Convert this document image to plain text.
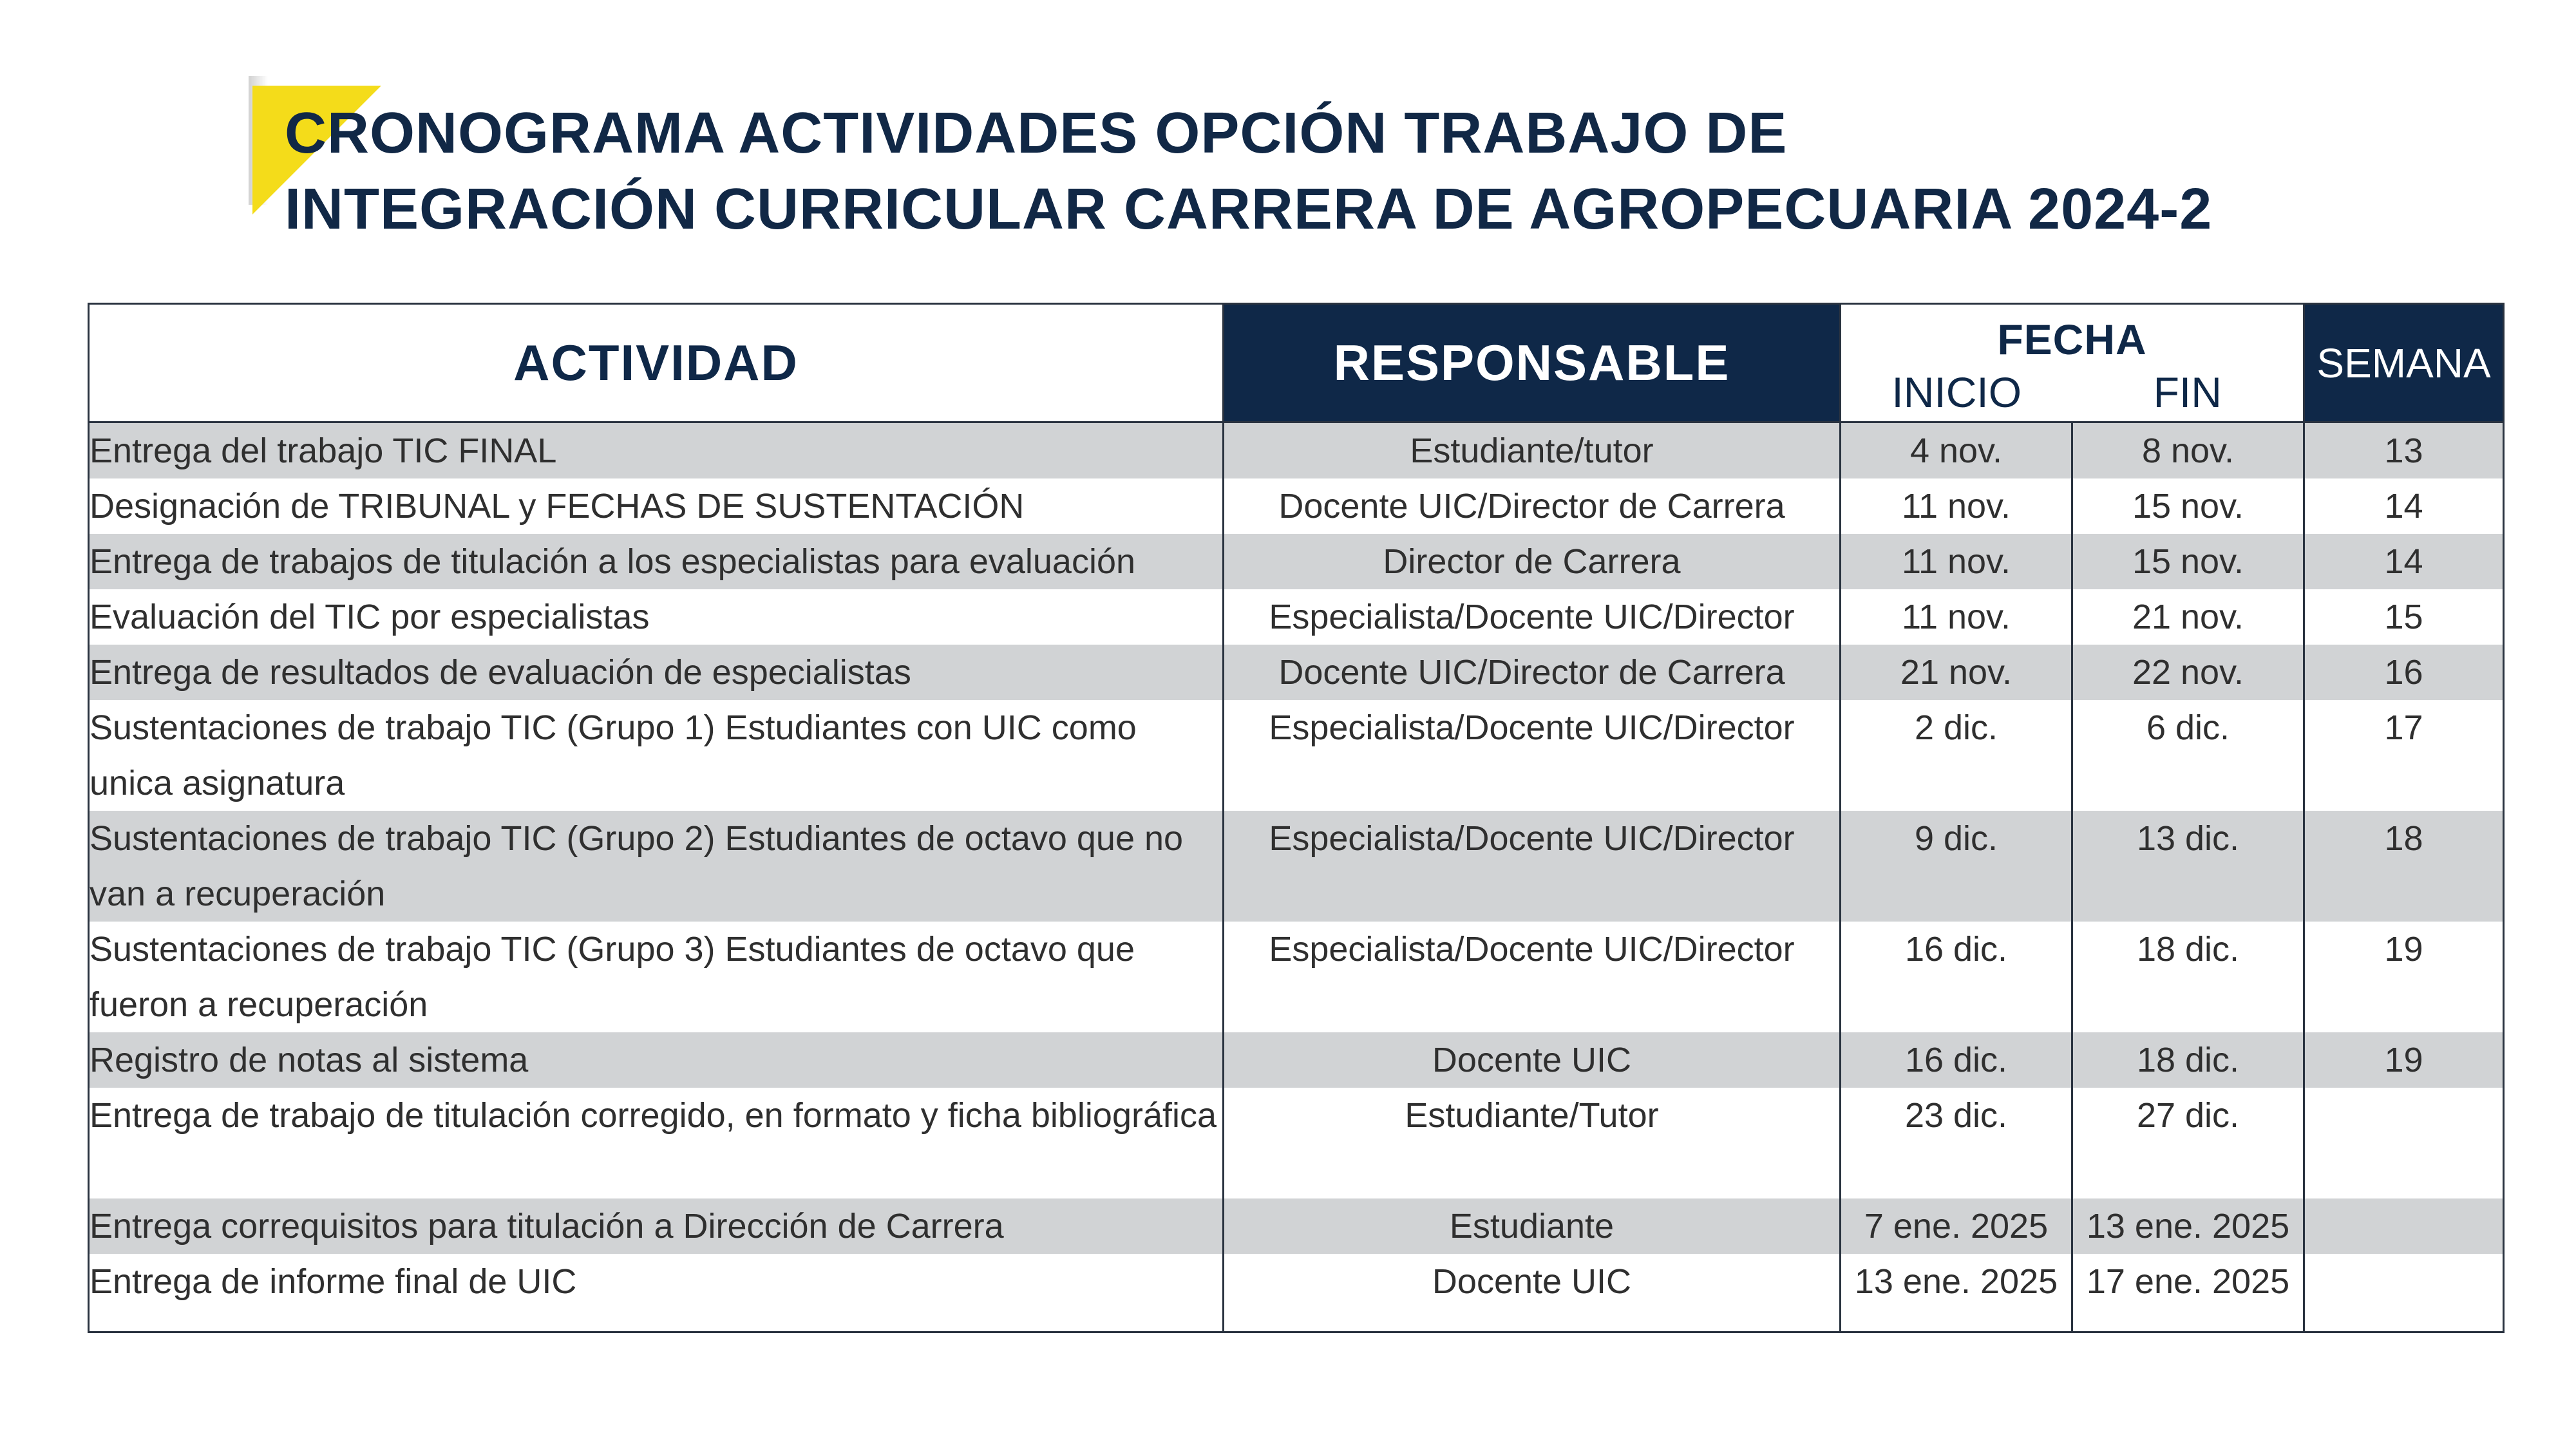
CRONOGRAMA ACTIVIDADES OPCIÓN TRABAJO DE
INTEGRACIÓN CURRICULAR CARRERA DE AGROPECUARIA 2024-2
ACTIVIDAD	RESPONSABLE	FECHA
INICIO FIN		SEMANA
Entrega del trabajo TIC FINAL	Estudiante/tutor	4 nov.	8 nov.	13
Designación de TRIBUNAL y FECHAS DE SUSTENTACIÓN	Docente UIC/Director de Carrera	11 nov.	15 nov.	14
Entrega de trabajos de titulación a los especialistas para evaluación	Director de Carrera	11 nov.	15 nov.	14
Evaluación del TIC por especialistas	Especialista/Docente UIC/Director	11 nov.	21 nov.	15
Entrega de resultados de evaluación de especialistas	Docente UIC/Director de Carrera	21 nov.	22 nov.	16
Sustentaciones de trabajo TIC (Grupo 1) Estudiantes con UIC como unica asignatura	Especialista/Docente UIC/Director	2 dic.	6 dic.	17
Sustentaciones de trabajo TIC (Grupo 2) Estudiantes de octavo que no van a recuperación	Especialista/Docente UIC/Director	9 dic.	13 dic.	18
Sustentaciones de trabajo TIC (Grupo 3) Estudiantes de octavo que fueron a recuperación	Especialista/Docente UIC/Director	16 dic.	18 dic.	19
Registro de notas al sistema	Docente UIC	16 dic.	18 dic.	19
Entrega de trabajo de titulación corregido, en formato y ficha bibliográfica	Estudiante/Tutor	23 dic.	27 dic.	
Entrega correquisitos para titulación a Dirección de Carrera	Estudiante	7 ene. 2025	13 ene. 2025	
Entrega de informe final de UIC	Docente UIC	13 ene. 2025	17 ene. 2025	
